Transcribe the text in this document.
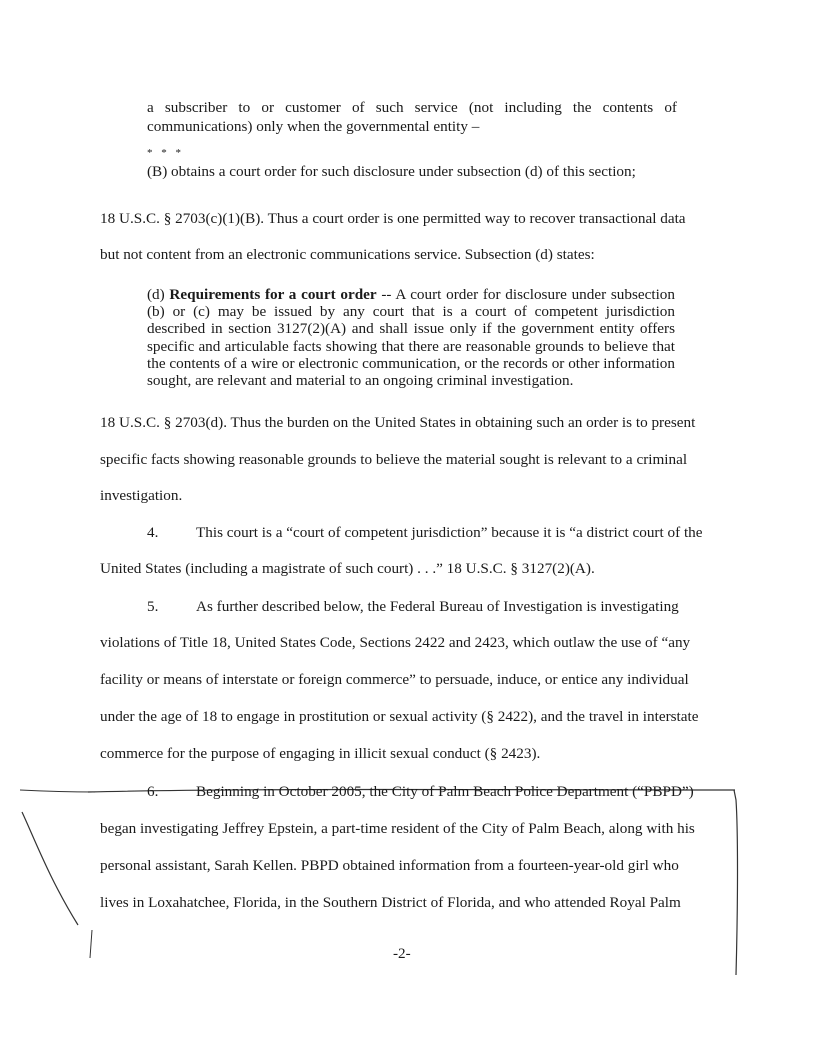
a subscriber to or customer of such service (not including the contents of

communications) only when the governmental entity –

* * *
(B) obtains a court order for such disclosure under subsection (d) of this section;
18 U.S.C. § 2703(c)(1)(B). Thus a court order is one permitted way to recover transactional data
but not content from an electronic communications service. Subsection (d) states:
(d) Requirements for a court order -- A court order for disclosure under subsection (b) or (c) may be issued by any court that is a court of competent jurisdiction described in section 3127(2)(A) and shall issue only if the government entity offers specific and articulable facts showing that there are reasonable grounds to believe that the contents of a wire or electronic communication, or the records or other information sought, are relevant and material to an ongoing criminal investigation.
18 U.S.C. § 2703(d). Thus the burden on the United States in obtaining such an order is to present
specific facts showing reasonable grounds to believe the material sought is relevant to a criminal
investigation.
4. This court is a “court of competent jurisdiction” because it is “a district court of the
United States (including a magistrate of such court) . . .” 18 U.S.C. § 3127(2)(A).
5. As further described below, the Federal Bureau of Investigation is investigating
violations of Title 18, United States Code, Sections 2422 and 2423, which outlaw the use of “any
facility or means of interstate or foreign commerce” to persuade, induce, or entice any individual
under the age of 18 to engage in prostitution or sexual activity (§ 2422), and the travel in interstate
commerce for the purpose of engaging in illicit sexual conduct (§ 2423).
6. Beginning in October 2005, the City of Palm Beach Police Department (“PBPD”)
began investigating Jeffrey Epstein, a part-time resident of the City of Palm Beach, along with his
personal assistant, Sarah Kellen. PBPD obtained information from a fourteen-year-old girl who
lives in Loxahatchee, Florida, in the Southern District of Florida, and who attended Royal Palm
-2-
